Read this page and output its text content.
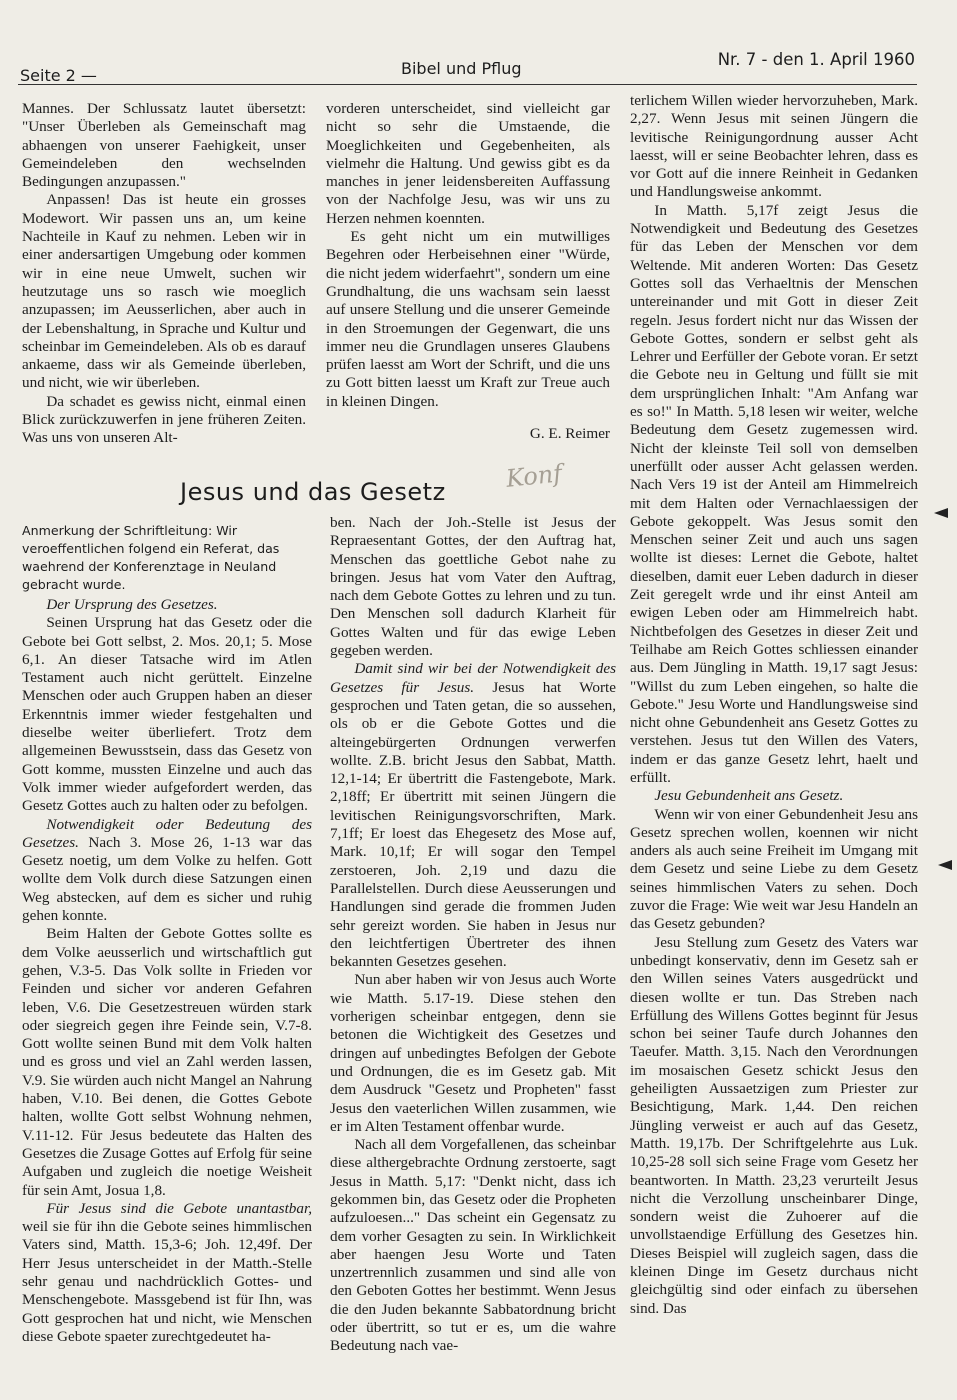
Seite 2 —	Bibel und Pflug	Nr. 7 - den 1. April 1960

Mannes. Der Schlussatz lautet übersetzt: "Unser Überleben als Gemeinschaft mag abhaengen von unserer Faehigkeit, unser Gemeindeleben den wechselnden Bedingungen anzupassen."

Anpassen! Das ist heute ein grosses Modewort. Wir passen uns an, um keine Nachteile in Kauf zu nehmen. Leben wir in einer andersartigen Umgebung oder kommen wir in eine neue Umwelt, suchen wir heutzutage uns so rasch wie moeglich anzupassen; im Aeusserlichen, aber auch in der Lebenshaltung, in Sprache und Kultur und scheinbar im Gemeindeleben. Als ob es darauf ankaeme, dass wir als Gemeinde überleben, und nicht, wie wir überleben.

Da schadet es gewiss nicht, einmal einen Blick zurückzuwerfen in jene früheren Zeiten. Was uns von unseren Alt-

vorderen unterscheidet, sind vielleicht gar nicht so sehr die Umstaende, die Moeglichkeiten und Gegebenheiten, als vielmehr die Haltung. Und gewiss gibt es da manches in jener leidensbereiten Auffassung von der Nachfolge Jesu, was wir uns zu Herzen nehmen koennten.

Es geht nicht um ein mutwilliges Begehren oder Herbeisehnen einer "Würde, die nicht jedem widerfaehrt", sondern um eine Grundhaltung, die uns wachsam sein laesst auf unsere Stellung und die unserer Gemeinde in den Stroemungen der Gegenwart, die uns immer neu die Grundlagen unseres Glaubens prüfen laesst am Wort der Schrift, und die uns zu Gott bitten laesst um Kraft zur Treue auch in kleinen Dingen.

G. E. Reimer

Jesus und das Gesetz Konf
Anmerkung der Schriftleitung: Wir veroeffentlichen folgend ein Referat, das waehrend der Konferenztage in Neuland gebracht wurde.

Der Ursprung des Gesetzes.

Seinen Ursprung hat das Gesetz oder die Gebote bei Gott selbst, 2. Mos. 20,1; 5. Mose 6,1. An dieser Tatsache wird im Atlen Testament auch nicht gerüttelt. Einzelne Menschen oder auch Gruppen haben an dieser Erkenntnis immer wieder festgehalten und dieselbe weiter überliefert. Trotz dem allgemeinen Bewusstsein, dass das Gesetz von Gott komme, mussten Einzelne und auch das Volk immer wieder aufgefordert werden, das Gesetz Gottes auch zu halten oder zu befolgen.

Notwendigkeit oder Bedeutung des Gesetzes. Nach 3. Mose 26, 1-13 war das Gesetz noetig, um dem Volke zu helfen. Gott wollte dem Volk durch diese Satzungen einen Weg abstecken, auf dem es sicher und ruhig gehen konnte.

Beim Halten der Gebote Gottes sollte es dem Volke aeusserlich und wirtschaftlich gut gehen, V.3-5. Das Volk sollte in Frieden vor Feinden und sicher vor anderen Gefahren leben, V.6. Die Gesetzestreuen würden stark oder siegreich gegen ihre Feinde sein, V.7-8. Gott wollte seinen Bund mit dem Volk halten und es gross und viel an Zahl werden lassen, V.9. Sie würden auch nicht Mangel an Nahrung haben, V.10. Bei denen, die Gottes Gebote halten, wollte Gott selbst Wohnung nehmen, V.11-12. Für Jesus bedeutete das Halten des Gesetzes die Zusage Gottes auf Erfolg für seine Aufgaben und zugleich die noetige Weisheit für sein Amt, Josua 1,8.

Für Jesus sind die Gebote unantastbar, weil sie für ihn die Gebote seines himmlischen Vaters sind, Matth. 15,3-6; Joh. 12,49f. Der Herr Jesus unterscheidet in der Matth.-Stelle sehr genau und nachdrücklich Gottes- und Menschengebote. Massgebend ist für Ihn, was Gott gesprochen hat und nicht, wie Menschen diese Gebote spaeter zurechtgedeutet ha-

ben. Nach der Joh.-Stelle ist Jesus der Repraesentant Gottes, der den Auftrag hat, Menschen das goettliche Gebot nahe zu bringen. Jesus hat vom Vater den Auftrag, nach dem Gebote Gottes zu lehren und zu tun. Den Menschen soll dadurch Klarheit für Gottes Walten und für das ewige Leben gegeben werden.

Damit sind wir bei der Notwendigkeit des Gesetzes für Jesus. Jesus hat Worte gesprochen und Taten getan, die so aussehen, ols ob er die Gebote Gottes und die alteingebürgerten Ordnungen verwerfen wollte. Z.B. bricht Jesus den Sabbat, Matth. 12,1-14; Er übertritt die Fastengebote, Mark. 2,18ff; Er übertritt mit seinen Jüngern die levitischen Reinigungsvorschriften, Mark. 7,1ff; Er loest das Ehegesetz des Mose auf, Mark. 10,1f; Er will sogar den Tempel zerstoeren, Joh. 2,19 und dazu die Parallelstellen. Durch diese Aeusserungen und Handlungen sind gerade die frommen Juden sehr gereizt worden. Sie haben in Jesus nur den leichtfertigen Übertreter des ihnen bekannten Gesetzes gesehen.

Nun aber haben wir von Jesus auch Worte wie Matth. 5.17-19. Diese stehen den vorherigen scheinbar entgegen, denn sie betonen die Wichtigkeit des Gesetzes und dringen auf unbedingtes Befolgen der Gebote und Ordnungen, die es im Gesetz gab. Mit dem Ausdruck "Gesetz und Propheten" fasst Jesus den vaeterlichen Willen zusammen, wie er im Alten Testament offenbar wurde.

Nach all dem Vorgefallenen, das scheinbar diese althergebrachte Ordnung zerstoerte, sagt Jesus in Matth. 5,17: "Denkt nicht, dass ich gekommen bin, das Gesetz oder die Propheten aufzuloesen..." Das scheint ein Gegensatz zu dem vorher Gesagten zu sein. In Wirklichkeit aber haengen Jesu Worte und Taten unzertrennlich zusammen und sind alle von den Geboten Gottes her bestimmt. Wenn Jesus die den Juden bekannte Sabbatordnung bricht oder übertritt, so tut er es, um die wahre Bedeutung nach vae-

terlichem Willen wieder hervorzuheben, Mark. 2,27. Wenn Jesus mit seinen Jüngern die levitische Reinigungordnung ausser Acht laesst, will er seine Beobachter lehren, dass es vor Gott auf die innere Reinheit in Gedanken und Handlungsweise ankommt.

In Matth. 5,17f zeigt Jesus die Notwendigkeit und Bedeutung des Gesetzes für das Leben der Menschen vor dem Weltende. Mit anderen Worten: Das Gesetz Gottes soll das Verhaeltnis der Menschen untereinander und mit Gott in dieser Zeit regeln. Jesus fordert nicht nur das Wissen der Gebote Gottes, sondern er selbst geht als Lehrer und Eerfüller der Gebote voran. Er setzt die Gebote neu in Geltung und füllt sie mit dem ursprünglichen Inhalt: "Am Anfang war es so!" In Matth. 5,18 lesen wir weiter, welche Bedeutung dem Gesetz zugemessen wird. Nicht der kleinste Teil soll von demselben unerfüllt oder ausser Acht gelassen werden. Nach Vers 19 ist der Anteil am Himmelreich mit dem Halten oder Vernachlaessigen der Gebote gekoppelt. Was Jesus somit den Menschen seiner Zeit und auch uns sagen wollte ist dieses: Lernet die Gebote, haltet dieselben, damit euer Leben dadurch in dieser Zeit geregelt wrde und ihr einst Anteil am ewigen Leben oder am Himmelreich habt. Nichtbefolgen des Gesetzes in dieser Zeit und Teilhabe am Reich Gottes schliessen einander aus. Dem Jüngling in Matth. 19,17 sagt Jesus: "Willst du zum Leben eingehen, so halte die Gebote." Jesu Worte und Handlungsweise sind nicht ohne Gebundenheit ans Gesetz Gottes zu verstehen. Jesus tut den Willen des Vaters, indem er das ganze Gesetz lehrt, haelt und erfüllt.

Jesu Gebundenheit ans Gesetz.

Wenn wir von einer Gebundenheit Jesu ans Gesetz sprechen wollen, koennen wir nicht anders als auch seine Freiheit im Umgang mit dem Gesetz und seine Liebe zu dem Gesetz seines himmlischen Vaters zu sehen. Doch zuvor die Frage: Wie weit war Jesu Handeln an das Gesetz gebunden?

Jesu Stellung zum Gesetz des Vaters war unbedingt konservativ, denn im Gesetz sah er den Willen seines Vaters ausgedrückt und diesen wollte er tun. Das Streben nach Erfüllung des Willens Gottes beginnt für Jesus schon bei seiner Taufe durch Johannes den Taeufer. Matth. 3,15. Nach den Verordnungen im mosaischen Gesetz schickt Jesus den geheiligten Aussaetzigen zum Priester zur Besichtigung, Mark. 1,44. Den reichen Jüngling verweist er auch auf das Gesetz, Matth. 19,17b. Der Schriftgelehrte aus Luk. 10,25-28 soll sich seine Frage vom Gesetz her beantworten. In Matth. 23,23 verurteilt Jesus nicht die Verzollung unscheinbarer Dinge, sondern weist die Zuhoerer auf die unvollstaendige Erfüllung des Gesetzes hin. Dieses Beispiel will zugleich sagen, dass die kleinen Dinge im Gesetz durchaus nicht gleichgültig sind oder einfach zu übersehen sind. Das
